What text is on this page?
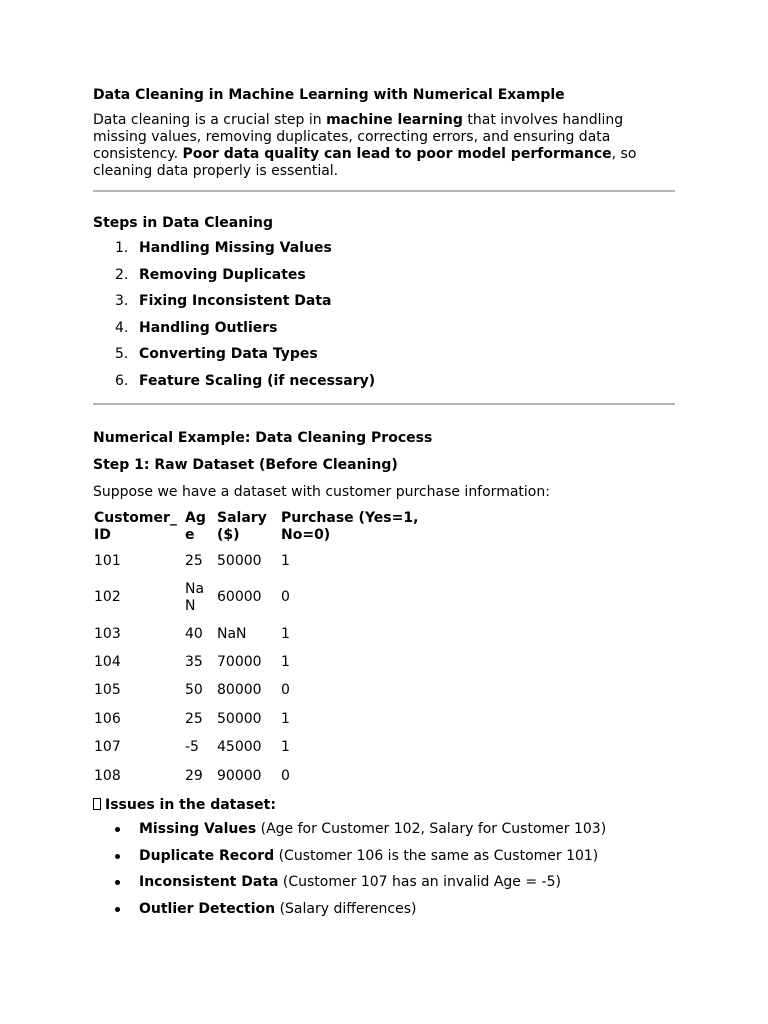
Data Cleaning in Machine Learning with Numerical Example

Data cleaning is a crucial step in machine learning that involves handling missing values, removing duplicates, correcting errors, and ensuring data consistency. Poor data quality can lead to poor model performance, so cleaning data properly is essential.

Steps in Data Cleaning
1. Handling Missing Values
2. Removing Duplicates
3. Fixing Inconsistent Data
4. Handling Outliers
5. Converting Data Types
6. Feature Scaling (if necessary)
Numerical Example: Data Cleaning Process
Step 1: Raw Dataset (Before Cleaning)

Suppose we have a dataset with customer purchase information:

Customer_ ID	Ag e	Salary ($)	Purchase (Yes=1, No=0)
101	25	50000	1
102	Na N	60000	0
103	40	NaN	1
104	35	70000	1
105	50	80000	0
106	25	50000	1
107	-5	45000	1
108	29	90000	0
Issues in the dataset:
Missing Values (Age for Customer 102, Salary for Customer 103)
Duplicate Record (Customer 106 is the same as Customer 101)
Inconsistent Data (Customer 107 has an invalid Age = -5)
Outlier Detection (Salary differences)
